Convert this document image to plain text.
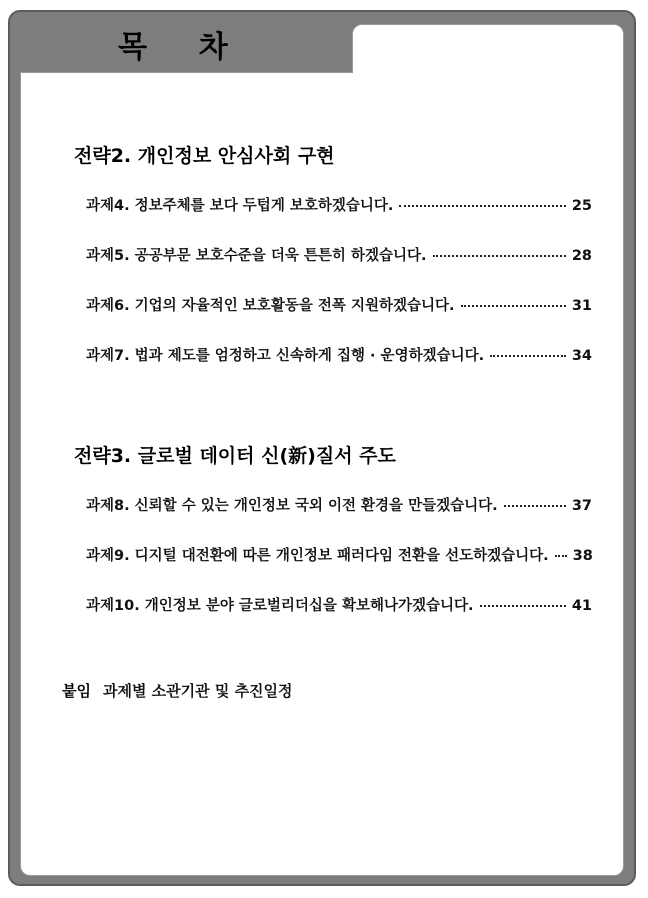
목    차
전략2. 개인정보 안심사회 구현
과제4. 정보주체를 보다 두텁게 보호하겠습니다.	25
과제5. 공공부문 보호수준을 더욱 튼튼히 하겠습니다.	28
과제6. 기업의 자율적인 보호활동을 전폭 지원하겠습니다.	31
과제7. 법과 제도를 엄정하고 신속하게 집행 · 운영하겠습니다.	34
전략3. 글로벌 데이터 신(新)질서 주도
과제8. 신뢰할 수 있는 개인정보 국외 이전 환경을 만들겠습니다.	37
과제9. 디지털 대전환에 따른 개인정보 패러다임 전환을 선도하겠습니다. 38
과제10. 개인정보 분야 글로벌리더십을 확보해나가겠습니다.	41
붙임 과제별 소관기관 및 추진일정
